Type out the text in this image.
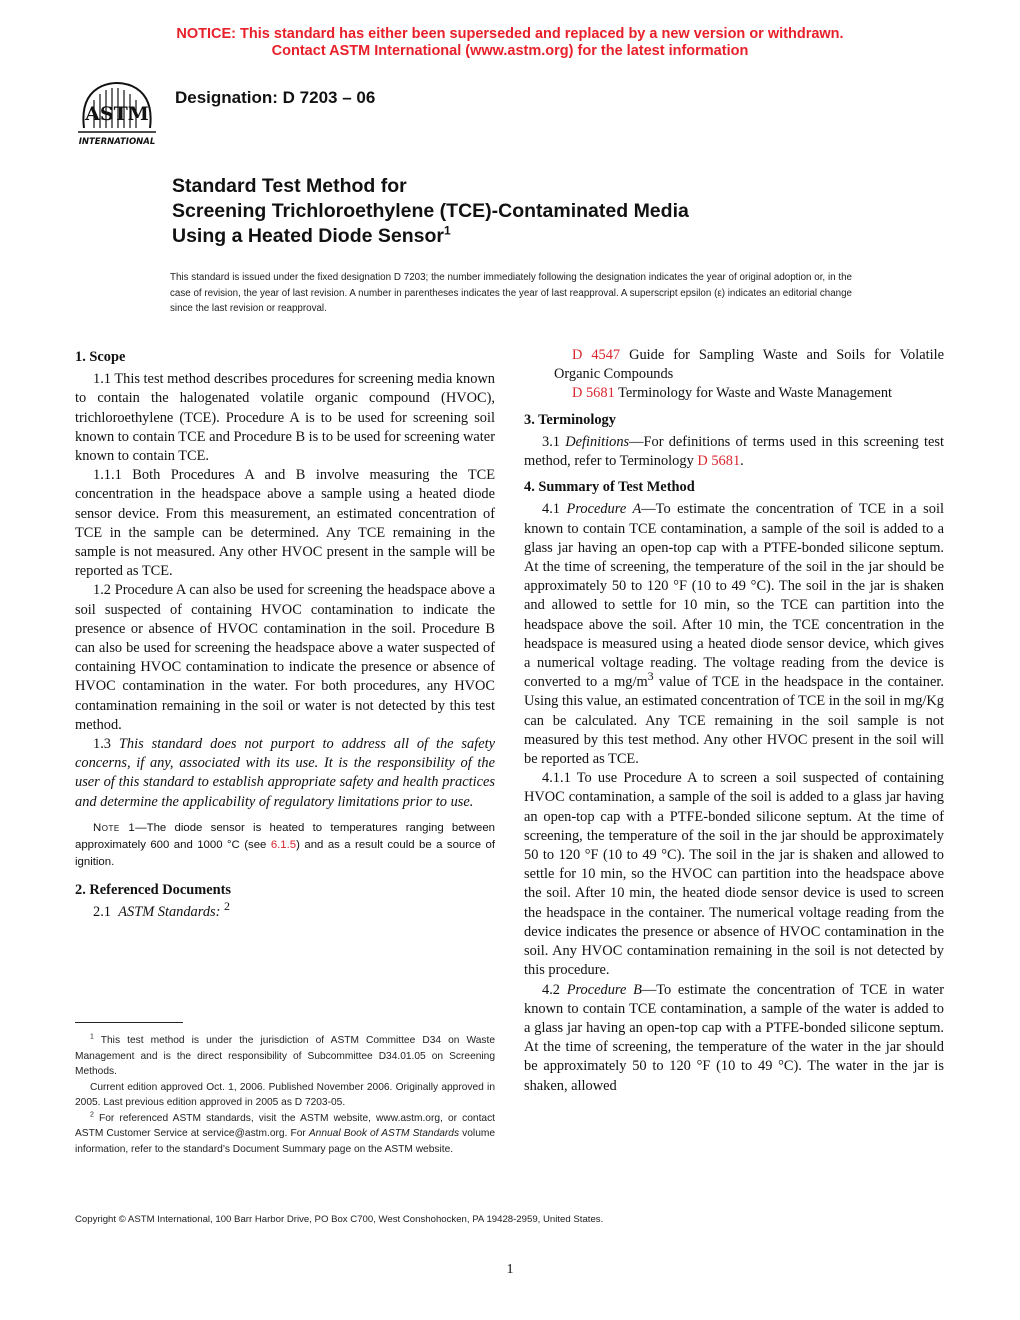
NOTICE: This standard has either been superseded and replaced by a new version or withdrawn.
Contact ASTM International (www.astm.org) for the latest information
ASTM
INTERNATIONAL
Designation: D 7203 – 06
Standard Test Method for
Screening Trichloroethylene (TCE)-Contaminated Media
Using a Heated Diode Sensor$^1$
This standard is issued under the fixed designation D 7203; the number immediately following the designation indicates the year of original adoption or, in the case of revision, the year of last revision. A number in parentheses indicates the year of last reapproval. A superscript epsilon (ε) indicates an editorial change since the last revision or reapproval.
1. Scope

1.1 This test method describes procedures for screening media known to contain the halogenated volatile organic compound (HVOC), trichloroethylene (TCE). Procedure A is to be used for screening soil known to contain TCE and Procedure B is to be used for screening water known to contain TCE.

1.1.1 Both Procedures A and B involve measuring the TCE concentration in the headspace above a sample using a heated diode sensor device. From this measurement, an estimated concentration of TCE in the sample can be determined. Any TCE remaining in the sample is not measured. Any other HVOC present in the sample will be reported as TCE.

1.2 Procedure A can also be used for screening the headspace above a soil suspected of containing HVOC contamination to indicate the presence or absence of HVOC contamination in the soil. Procedure B can also be used for screening the headspace above a water suspected of containing HVOC contamination to indicate the presence or absence of HVOC contamination in the water. For both procedures, any HVOC contamination remaining in the soil or water is not detected by this test method.

1.3 This standard does not purport to address all of the safety concerns, if any, associated with its use. It is the responsibility of the user of this standard to establish appropriate safety and health practices and determine the applicability of regulatory limitations prior to use.

Note 1—The diode sensor is heated to temperatures ranging between approximately 600 and 1000 °C (see 6.1.5) and as a result could be a source of ignition.

2. Referenced Documents

2.1 ASTM Standards: $^2$

$^1$ This test method is under the jurisdiction of ASTM Committee D34 on Waste Management and is the direct responsibility of Subcommittee D34.01.05 on Screening Methods.

Current edition approved Oct. 1, 2006. Published November 2006. Originally approved in 2005. Last previous edition approved in 2005 as D 7203-05.

$^2$ For referenced ASTM standards, visit the ASTM website, www.astm.org, or contact ASTM Customer Service at service@astm.org. For Annual Book of ASTM Standards volume information, refer to the standard’s Document Summary page on the ASTM website.

D 4547 Guide for Sampling Waste and Soils for Volatile Organic Compounds

D 5681 Terminology for Waste and Waste Management

3. Terminology

3.1 Definitions—For definitions of terms used in this screening test method, refer to Terminology D 5681.

4. Summary of Test Method

4.1 Procedure A—To estimate the concentration of TCE in a soil known to contain TCE contamination, a sample of the soil is added to a glass jar having an open-top cap with a PTFE-bonded silicone septum. At the time of screening, the temperature of the soil in the jar should be approximately 50 to 120 °F (10 to 49 °C). The soil in the jar is shaken and allowed to settle for 10 min, so the TCE can partition into the headspace above the soil. After 10 min, the TCE concentration in the headspace is measured using a heated diode sensor device, which gives a numerical voltage reading. The voltage reading from the device is converted to a $mg/m^3$ value of TCE in the headspace in the container. Using this value, an estimated concentration of TCE in the soil in mg/Kg can be calculated. Any TCE remaining in the soil sample is not measured by this test method. Any other HVOC present in the soil will be reported as TCE.

4.1.1 To use Procedure A to screen a soil suspected of containing HVOC contamination, a sample of the soil is added to a glass jar having an open-top cap with a PTFE-bonded silicone septum. At the time of screening, the temperature of the soil in the jar should be approximately 50 to 120 °F (10 to 49 °C). The soil in the jar is shaken and allowed to settle for 10 min, so the HVOC can partition into the headspace above the soil. After 10 min, the heated diode sensor device is used to screen the headspace in the container. The numerical voltage reading from the device indicates the presence or absence of HVOC contamination in the soil. Any HVOC contamination remaining in the soil is not detected by this procedure.

4.2 Procedure B—To estimate the concentration of TCE in water known to contain TCE contamination, a sample of the water is added to a glass jar having an open-top cap with a PTFE-bonded silicone septum. At the time of screening, the temperature of the water in the jar should be approximately 50 to 120 °F (10 to 49 °C). The water in the jar is shaken, allowed

Copyright © ASTM International, 100 Barr Harbor Drive, PO Box C700, West Conshohocken, PA 19428-2959, United States.
1
